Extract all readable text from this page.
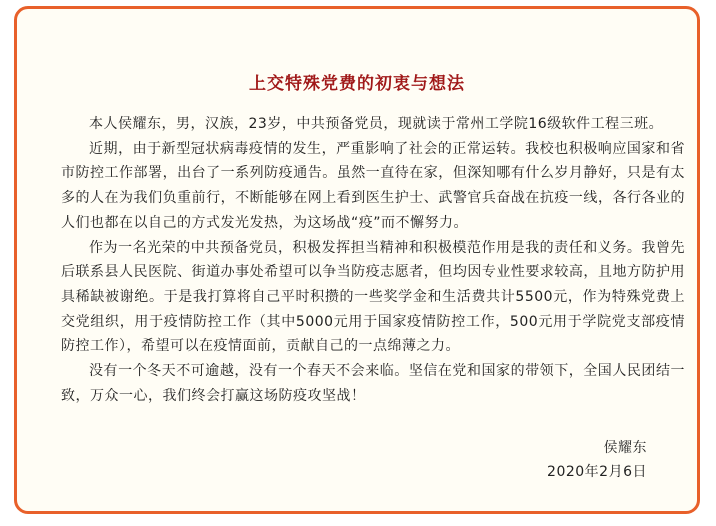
上交特殊党费的初衷与想法

本人侯耀东，男，汉族，23岁，中共预备党员，现就读于常州工学院16级软件工程三班。

近期，由于新型冠状病毒疫情的发生，严重影响了社会的正常运转。我校也积极响应国家和省市防控工作部署，出台了一系列防疫通告。虽然一直待在家，但深知哪有什么岁月静好，只是有太多的人在为我们负重前行，不断能够在网上看到医生护士、武警官兵奋战在抗疫一线，各行各业的人们也都在以自己的方式发光发热，为这场战“疫”而不懈努力。

作为一名光荣的中共预备党员，积极发挥担当精神和积极模范作用是我的责任和义务。我曾先后联系县人民医院、街道办事处希望可以争当防疫志愿者，但均因专业性要求较高，且地方防护用具稀缺被谢绝。于是我打算将自己平时积攒的一些奖学金和生活费共计5500元，作为特殊党费上交党组织，用于疫情防控工作（其中5000元用于国家疫情防控工作，500元用于学院党支部疫情防控工作），希望可以在疫情面前，贡献自己的一点绵薄之力。

没有一个冬天不可逾越，没有一个春天不会来临。坚信在党和国家的带领下，全国人民团结一致，万众一心，我们终会打赢这场防疫攻坚战！

侯耀东
2020年2月6日
